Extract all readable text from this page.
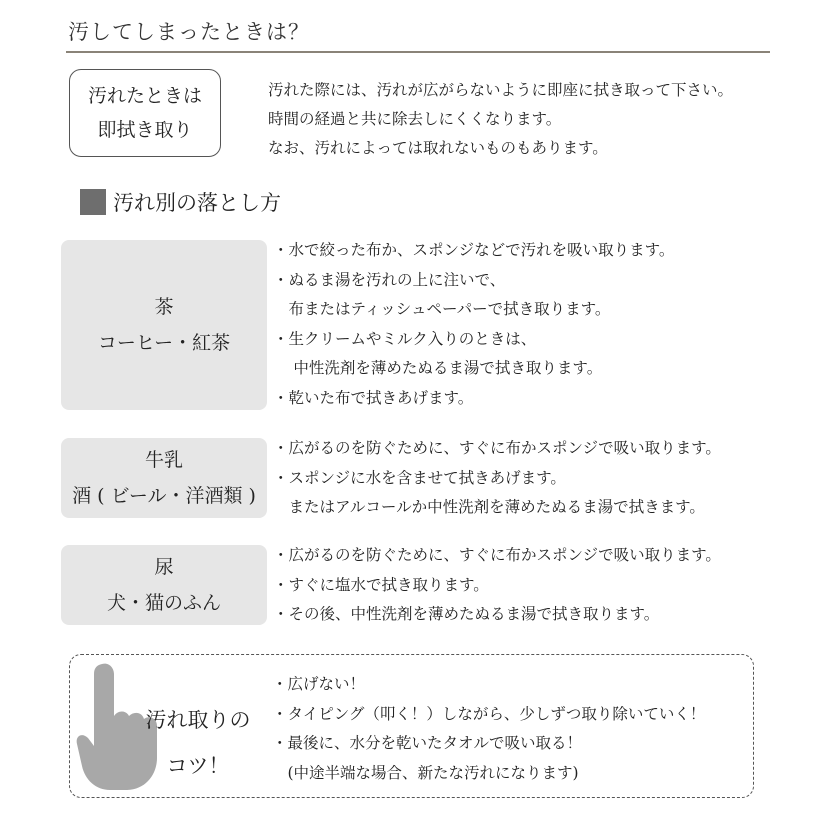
汚してしまったときは？
汚れたときは
即拭き取り
汚れた際には、汚れが広がらないように即座に拭き取って下さい。
時間の経過と共に除去しにくくなります。
なお、汚れによっては取れないものもあります。
汚れ別の落とし方
茶
コーヒー・紅茶
・水で絞った布か、スポンジなどで汚れを吸い取ります。
・ぬるま湯を汚れの上に注いで、
　布またはティッシュペーパーで拭き取ります。
・生クリームやミルク入りのときは、
　 中性洗剤を薄めたぬるま湯で拭き取ります。
・乾いた布で拭きあげます。
牛乳
酒 ( ビール・洋酒類 )
・広がるのを防ぐために、すぐに布かスポンジで吸い取ります。
・スポンジに水を含ませて拭きあげます。
　またはアルコールか中性洗剤を薄めたぬるま湯で拭きます。
尿
犬・猫のふん
・広がるのを防ぐために、すぐに布かスポンジで吸い取ります。
・すぐに塩水で拭き取ります。
・その後、中性洗剤を薄めたぬるま湯で拭き取ります。
汚れ取りの
コツ！
・広げない！
・タイピング（叩く！）しながら、少しずつ取り除いていく！
・最後に、水分を乾いたタオルで吸い取る！
　(中途半端な場合、新たな汚れになります)
